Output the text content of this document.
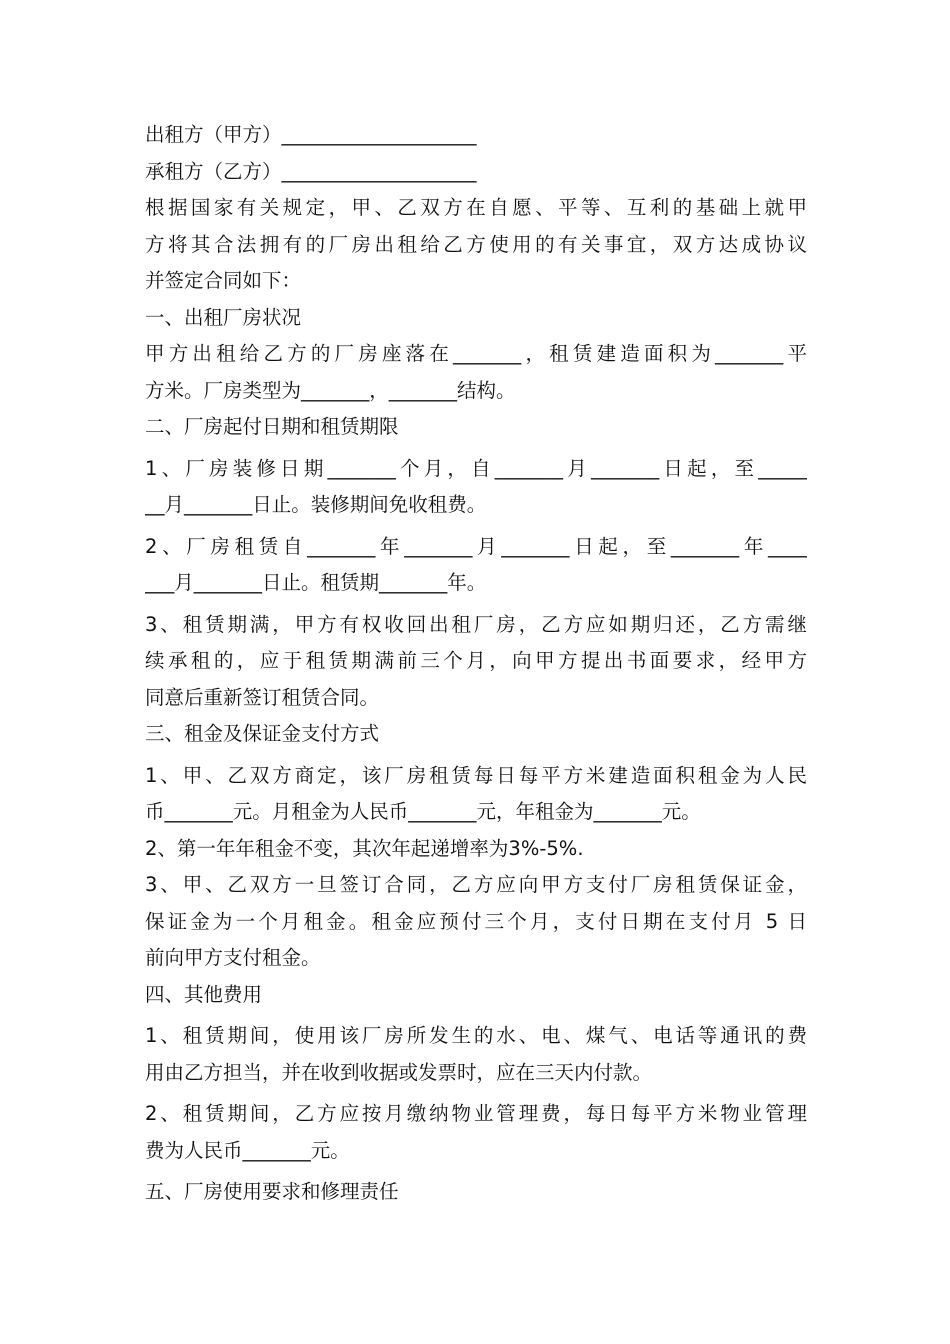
出租方（甲方）____________________
承租方（乙方）____________________
根据国家有关规定，甲、乙双方在自愿、平等、互利的基础上就甲
方将其合法拥有的厂房出租给乙方使用的有关事宜，双方达成协议
并签定合同如下：
一、出租厂房状况
甲方出租给乙方的厂房座落在_______，租赁建造面积为_______平
方米。厂房类型为_______，_______结构。
二、厂房起付日期和租赁期限
1、厂房装修日期_______个月，自_______月_______日起，至_____
__月_______日止。装修期间免收租费。
2、厂房租赁自_______年_______月_______日起，至_______年____
___月_______日止。租赁期_______年。
3、租赁期满，甲方有权收回出租厂房，乙方应如期归还，乙方需继
续承租的，应于租赁期满前三个月，向甲方提出书面要求，经甲方
同意后重新签订租赁合同。
三、租金及保证金支付方式
1、甲、乙双方商定，该厂房租赁每日每平方米建造面积租金为人民
币_______元。月租金为人民币_______元，年租金为_______元。
2、第一年年租金不变，其次年起递增率为3%-5%.
3、甲、乙双方一旦签订合同，乙方应向甲方支付厂房租赁保证金，
保证金为一个月租金。租金应预付三个月，支付日期在支付月 5 日
前向甲方支付租金。
四、其他费用
1、租赁期间，使用该厂房所发生的水、电、煤气、电话等通讯的费
用由乙方担当，并在收到收据或发票时，应在三天内付款。
2、租赁期间，乙方应按月缴纳物业管理费，每日每平方米物业管理
费为人民币_______元。
五、厂房使用要求和修理责任
